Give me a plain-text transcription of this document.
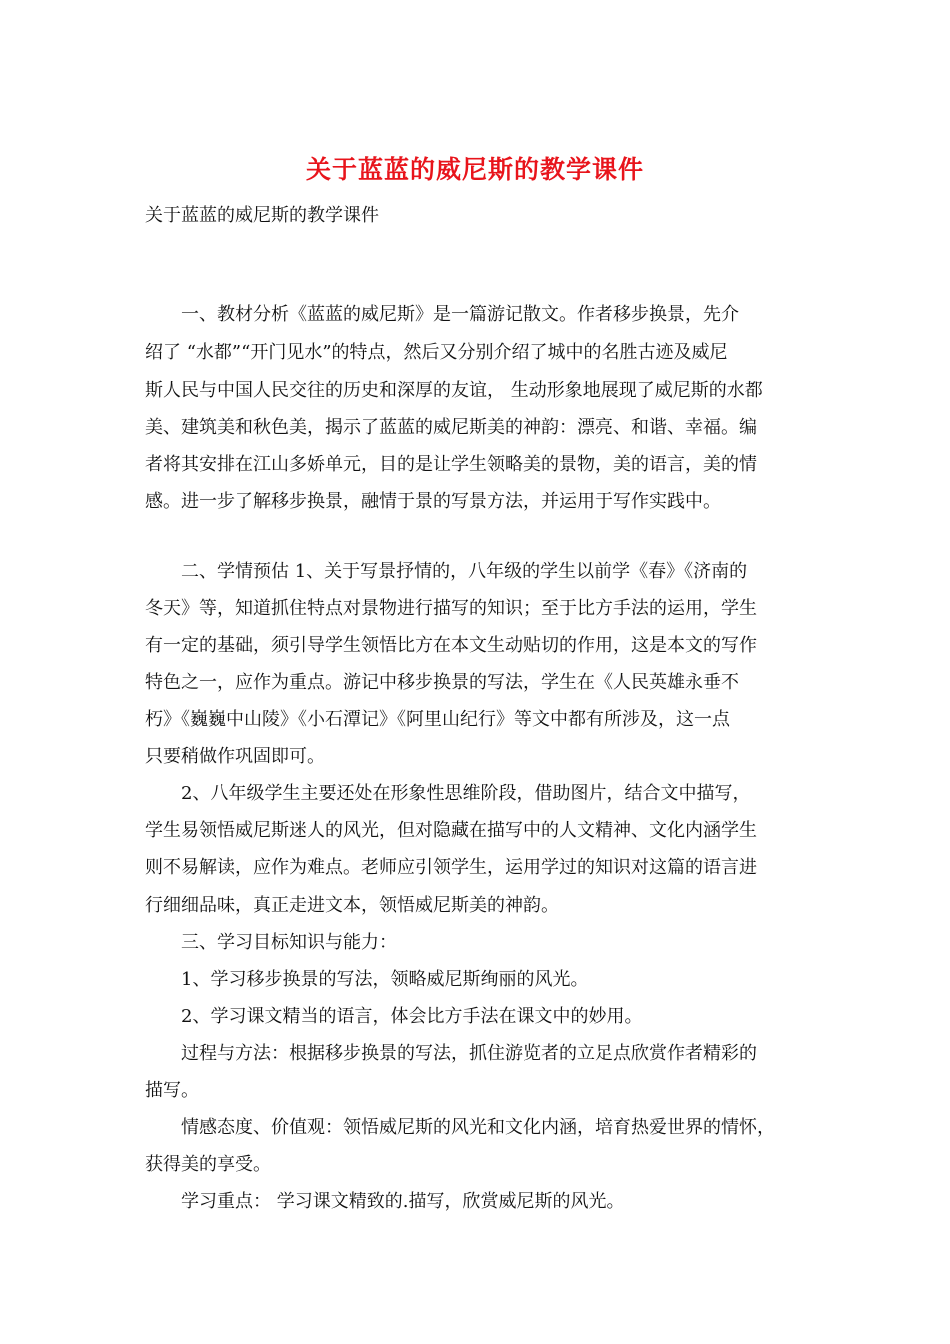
关于蓝蓝的威尼斯的教学课件

关于蓝蓝的威尼斯的教学课件

　　一、教材分析《蓝蓝的威尼斯》是一篇游记散文。作者移步换景，先介

绍了 “水都”“开门见水”的特点，然后又分别介绍了城中的名胜古迹及威尼

斯人民与中国人民交往的历史和深厚的友谊， 生动形象地展现了威尼斯的水都

美、建筑美和秋色美，揭示了蓝蓝的威尼斯美的神韵：漂亮、和谐、幸福。编

者将其安排在江山多娇单元，目的是让学生领略美的景物，美的语言，美的情

感。进一步了解移步换景，融情于景的写景方法，并运用于写作实践中。

　　二、学情预估 1、关于写景抒情的，八年级的学生以前学《春》《济南的

冬天》等，知道抓住特点对景物进行描写的知识；至于比方手法的运用，学生

有一定的基础，须引导学生领悟比方在本文生动贴切的作用，这是本文的写作

特色之一，应作为重点。游记中移步换景的写法，学生在《人民英雄永垂不

朽》《巍巍中山陵》《小石潭记》《阿里山纪行》等文中都有所涉及，这一点

只要稍做作巩固即可。

　　2、八年级学生主要还处在形象性思维阶段，借助图片，结合文中描写，

学生易领悟威尼斯迷人的风光，但对隐藏在描写中的人文精神、文化内涵学生

则不易解读，应作为难点。老师应引领学生，运用学过的知识对这篇的语言进

行细细品味，真正走进文本，领悟威尼斯美的神韵。

　　三、学习目标知识与能力：

　　1、学习移步换景的写法，领略威尼斯绚丽的风光。

　　2、学习课文精当的语言，体会比方手法在课文中的妙用。

　　过程与方法：根据移步换景的写法，抓住游览者的立足点欣赏作者精彩的

描写。

　　情感态度、价值观：领悟威尼斯的风光和文化内涵，培育热爱世界的情怀，

获得美的享受。

　　学习重点： 学习课文精致的.描写，欣赏威尼斯的风光。
